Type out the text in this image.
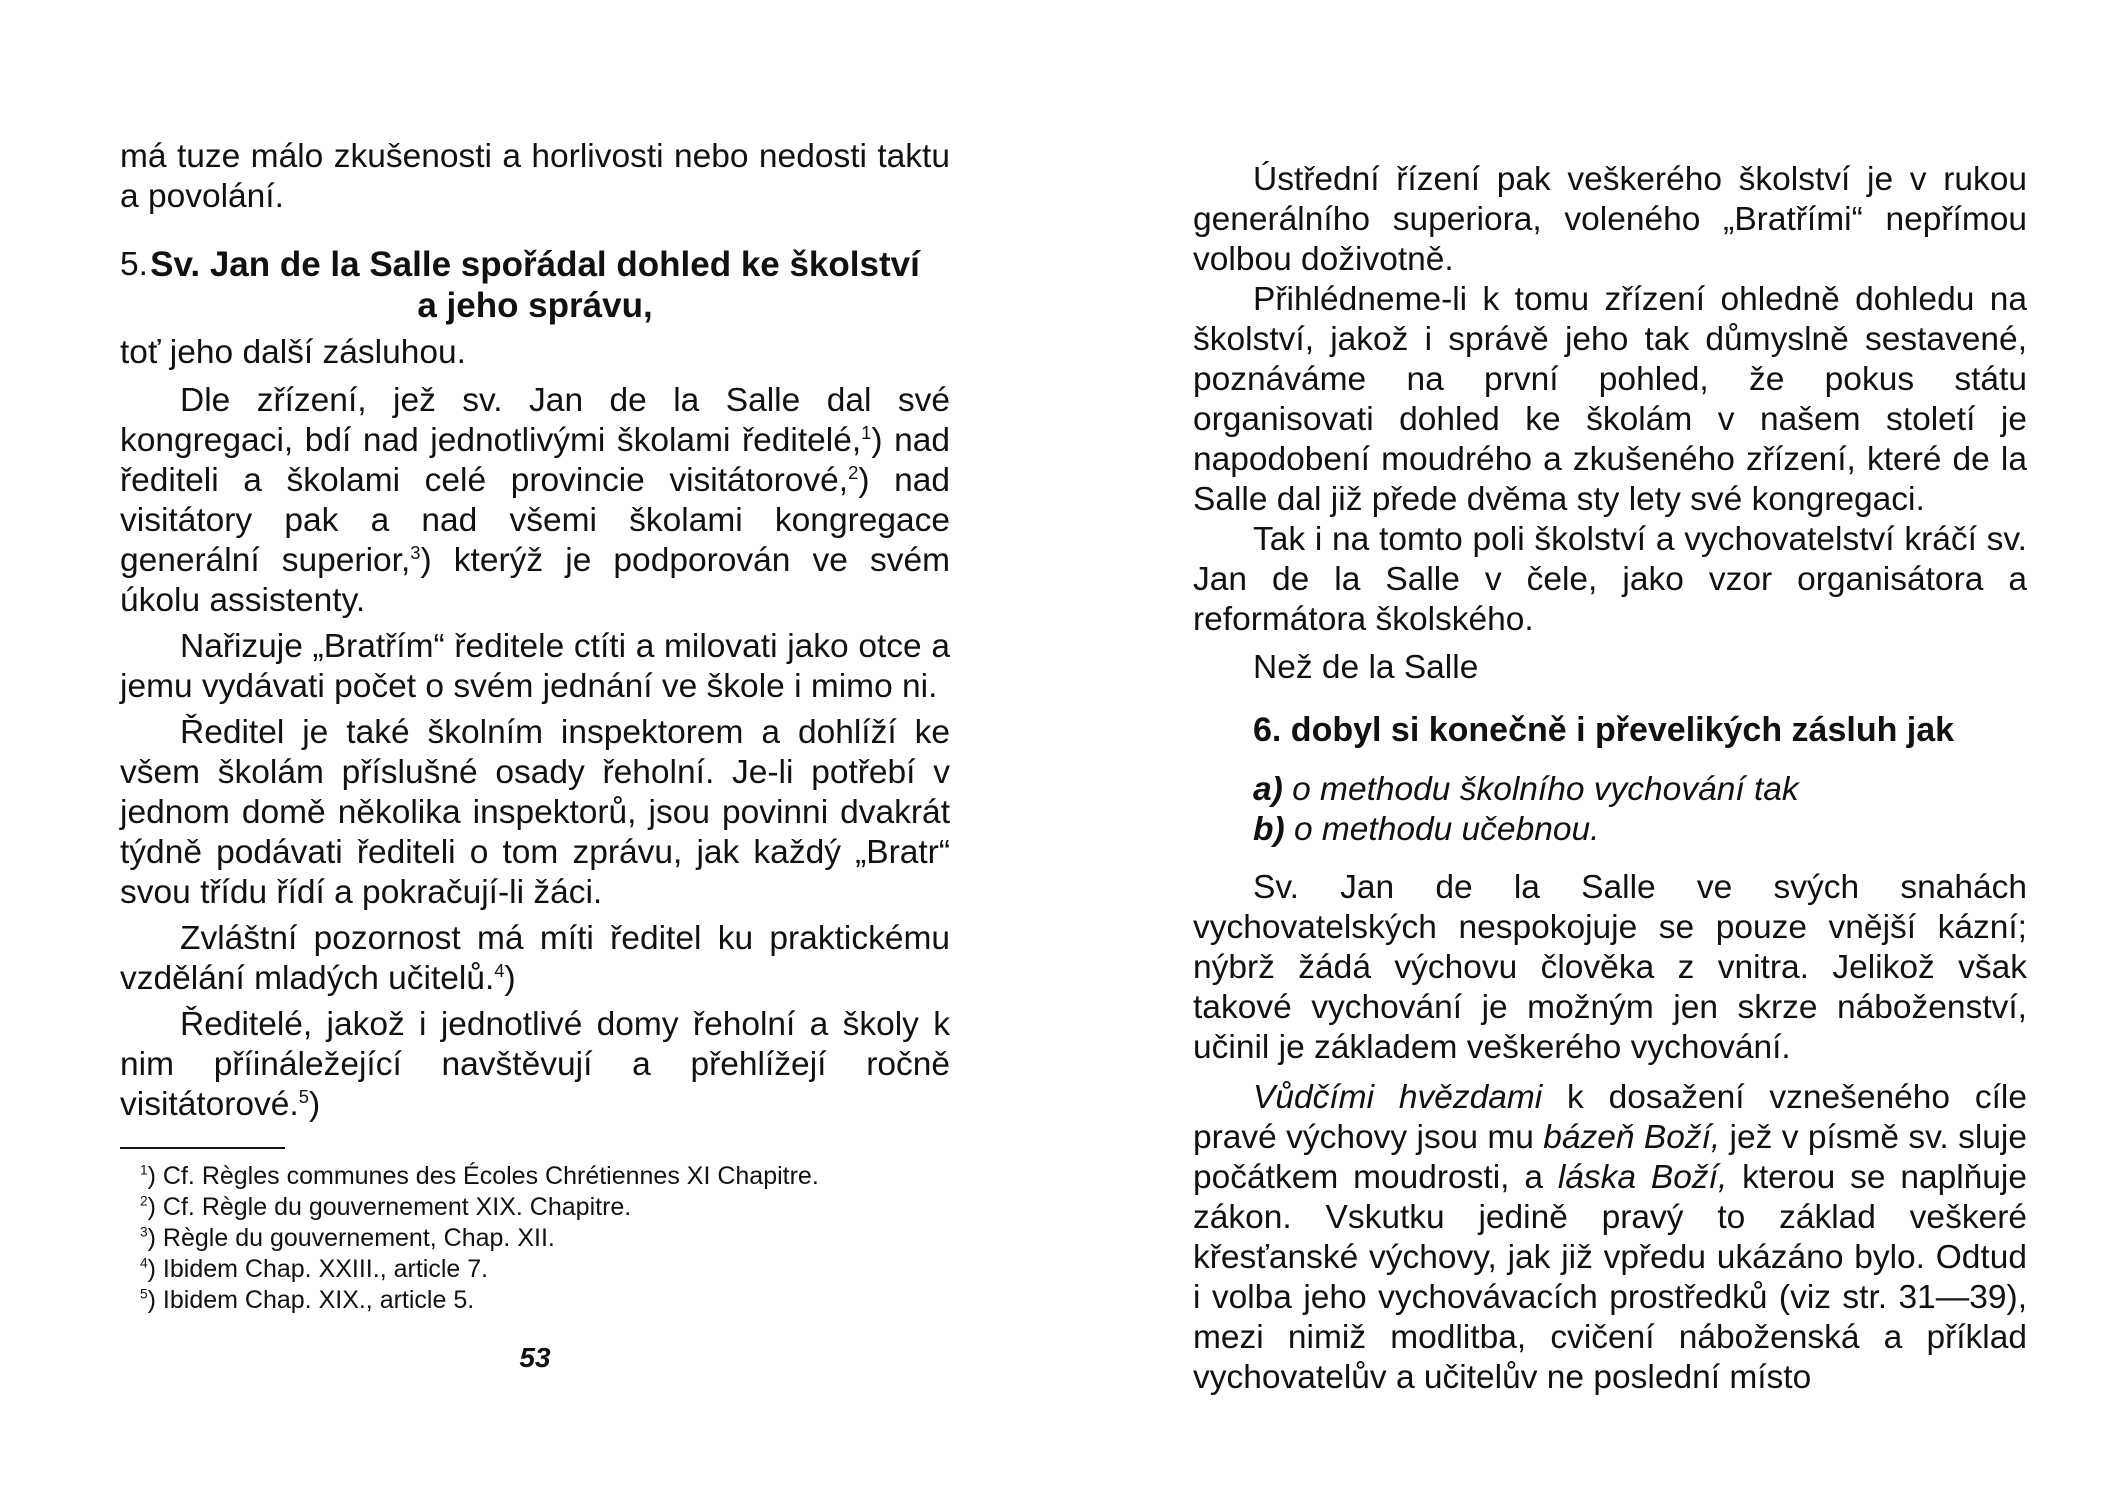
má tuze málo zkušenosti a horlivosti nebo nedosti taktu a povolání.

5. Sv. Jan de la Salle spořádal dohled ke školství
a jeho správu,

toť jeho další zásluhou.

Dle zřízení, jež sv. Jan de la Salle dal své kongregaci, bdí nad jednotlivými školami ředitelé,$^1$) nad řediteli a školami celé provincie visitátorové,$^2$) nad visitátory pak a nad všemi školami kongregace generální superior,$^3$) kterýž je podporován ve svém úkolu assistenty.

Nařizuje „Bratřím“ ředitele ctíti a milovati jako otce a jemu vydávati počet o svém jednání ve škole i mimo ni.

Ředitel je také školním inspektorem a dohlíží ke všem školám příslušné osady řeholní. Je-li potřebí v jednom domě několika inspektorů, jsou povinni dvakrát týdně podávati řediteli o tom zprávu, jak každý „Bratr“ svou třídu řídí a pokračují-li žáci.

Zvláštní pozornost má míti ředitel ku praktickému vzdělání mladých učitelů.$^4$)

Ředitelé, jakož i jednotlivé domy řeholní a školy k nim příináležející navštěvují a přehlížejí ročně visitátorové.$^5$)

$^1$) Cf. Règles communes des Écoles Chrétiennes XI Chapitre.
$^2$) Cf. Règle du gouvernement XIX. Chapitre.
$^3$) Règle du gouvernement, Chap. XII.
$^4$) Ibidem Chap. XXIII., article 7.
$^5$) Ibidem Chap. XIX., article 5.
53

Ústřední řízení pak veškerého školství je v rukou generálního superiora, voleného „Bratřími“ nepřímou volbou doživotně.

Přihlédneme-li k tomu zřízení ohledně dohledu na školství, jakož i správě jeho tak důmyslně sestavené, poznáváme na první pohled, že pokus státu organisovati dohled ke školám v našem století je napodobení moudrého a zkušeného zřízení, které de la Salle dal již přede dvěma sty lety své kongregaci.

Tak i na tomto poli školství a vychovatelství kráčí sv. Jan de la Salle v čele, jako vzor organisátora a reformátora školského.

Než de la Salle

6. dobyl si konečně i převelikých zásluh jak

a) o methodu školního vychování tak

b) o methodu učebnou.

Sv. Jan de la Salle ve svých snahách vychovatelských nespokojuje se pouze vnější kázní; nýbrž žádá výchovu člověka z vnitra. Jelikož však takové vychování je možným jen skrze náboženství, učinil je základem veškerého vychování.

Vůdčími hvězdami k dosažení vznešeného cíle pravé výchovy jsou mu bázeň Boží, jež v písmě sv. sluje počátkem moudrosti, a láska Boží, kterou se naplňuje zákon. Vskutku jedině pravý to základ veškeré křesťanské výchovy, jak již vpředu ukázáno bylo. Odtud i volba jeho vychovávacích prostředků (viz str. 31—39), mezi nimiž modlitba, cvičení náboženská a příklad vychovatelův a učitelův ne poslední místo
